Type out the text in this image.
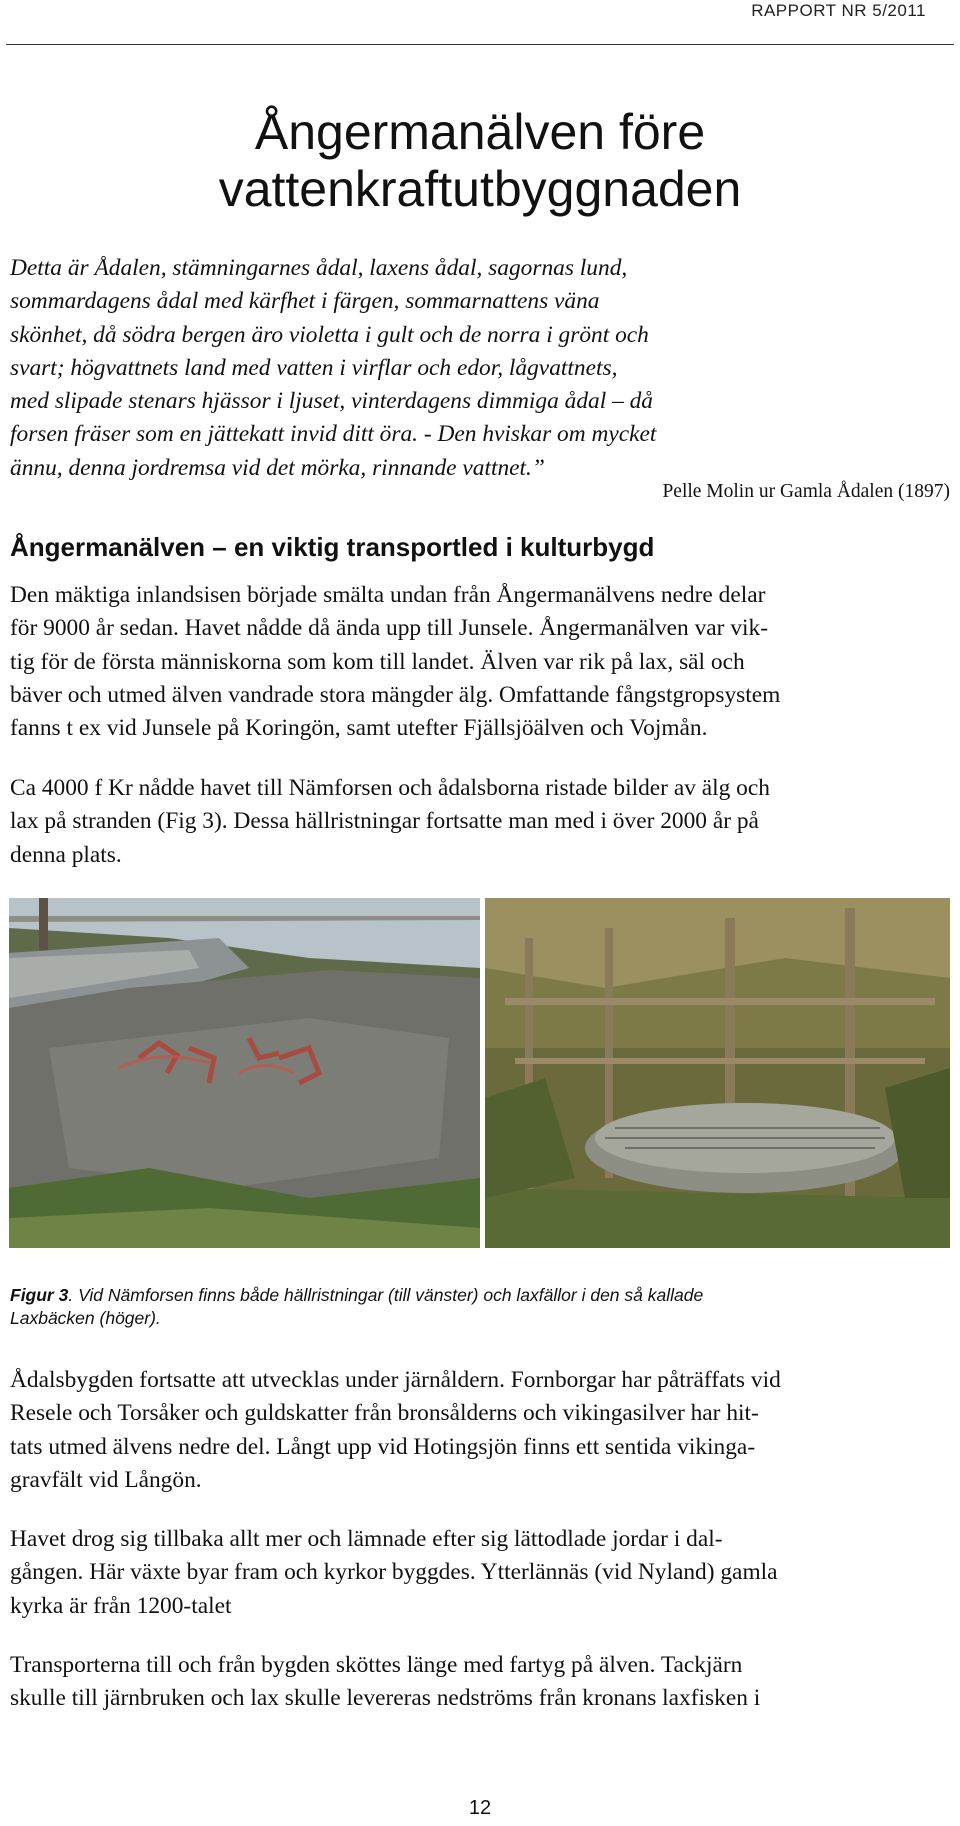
RAPPORT NR 5/2011
Ångermanälven före
vattenkraftutbyggnaden
Detta är Ådalen, stämningarnes ådal, laxens ådal, sagornas lund,
sommardagens ådal med kärfhet i färgen, sommarnattens väna
skönhet, då södra bergen äro violetta i gult och de norra i grönt och
svart; högvattnets land med vatten i virflar och edor, lågvattnets,
med slipade stenars hjässor i ljuset, vinterdagens dimmiga ådal – då
forsen fräser som en jättekatt invid ditt öra. - Den hviskar om mycket
ännu, denna jordremsa vid det mörka, rinnande vattnet.”
Pelle Molin ur Gamla Ådalen (1897)
Ångermanälven – en viktig transportled i kulturbygd
Den mäktiga inlandsisen började smälta undan från Ångermanälvens nedre delar
för 9000 år sedan. Havet nådde då ända upp till Junsele. Ångermanälven var vik-
tig för de första människorna som kom till landet. Älven var rik på lax, säl och
bäver och utmed älven vandrade stora mängder älg. Omfattande fångstgropsystem
fanns t ex vid Junsele på Koringön, samt utefter Fjällsjöälven och Vojmån.
Ca 4000 f Kr nådde havet till Nämforsen och ådalsborna ristade bilder av älg och
lax på stranden (Fig 3). Dessa hällristningar fortsatte man med i över 2000 år på
denna plats.
Figur 3. Vid Nämforsen finns både hällristningar (till vänster) och laxfällor i den så kallade
Laxbäcken (höger).
Ådalsbygden fortsatte att utvecklas under järnåldern. Fornborgar har påträffats vid
Resele och Torsåker och guldskatter från bronsålderns och vikingasilver har hit-
tats utmed älvens nedre del. Långt upp vid Hotingsjön finns ett sentida vikinga-
gravfält vid Långön.
Havet drog sig tillbaka allt mer och lämnade efter sig lättodlade jordar i dal-
gången. Här växte byar fram och kyrkor byggdes. Ytterlännäs (vid Nyland) gamla
kyrka är från 1200-talet
Transporterna till och från bygden sköttes länge med fartyg på älven. Tackjärn
skulle till järnbruken och lax skulle levereras nedströms från kronans laxfisken i
12
